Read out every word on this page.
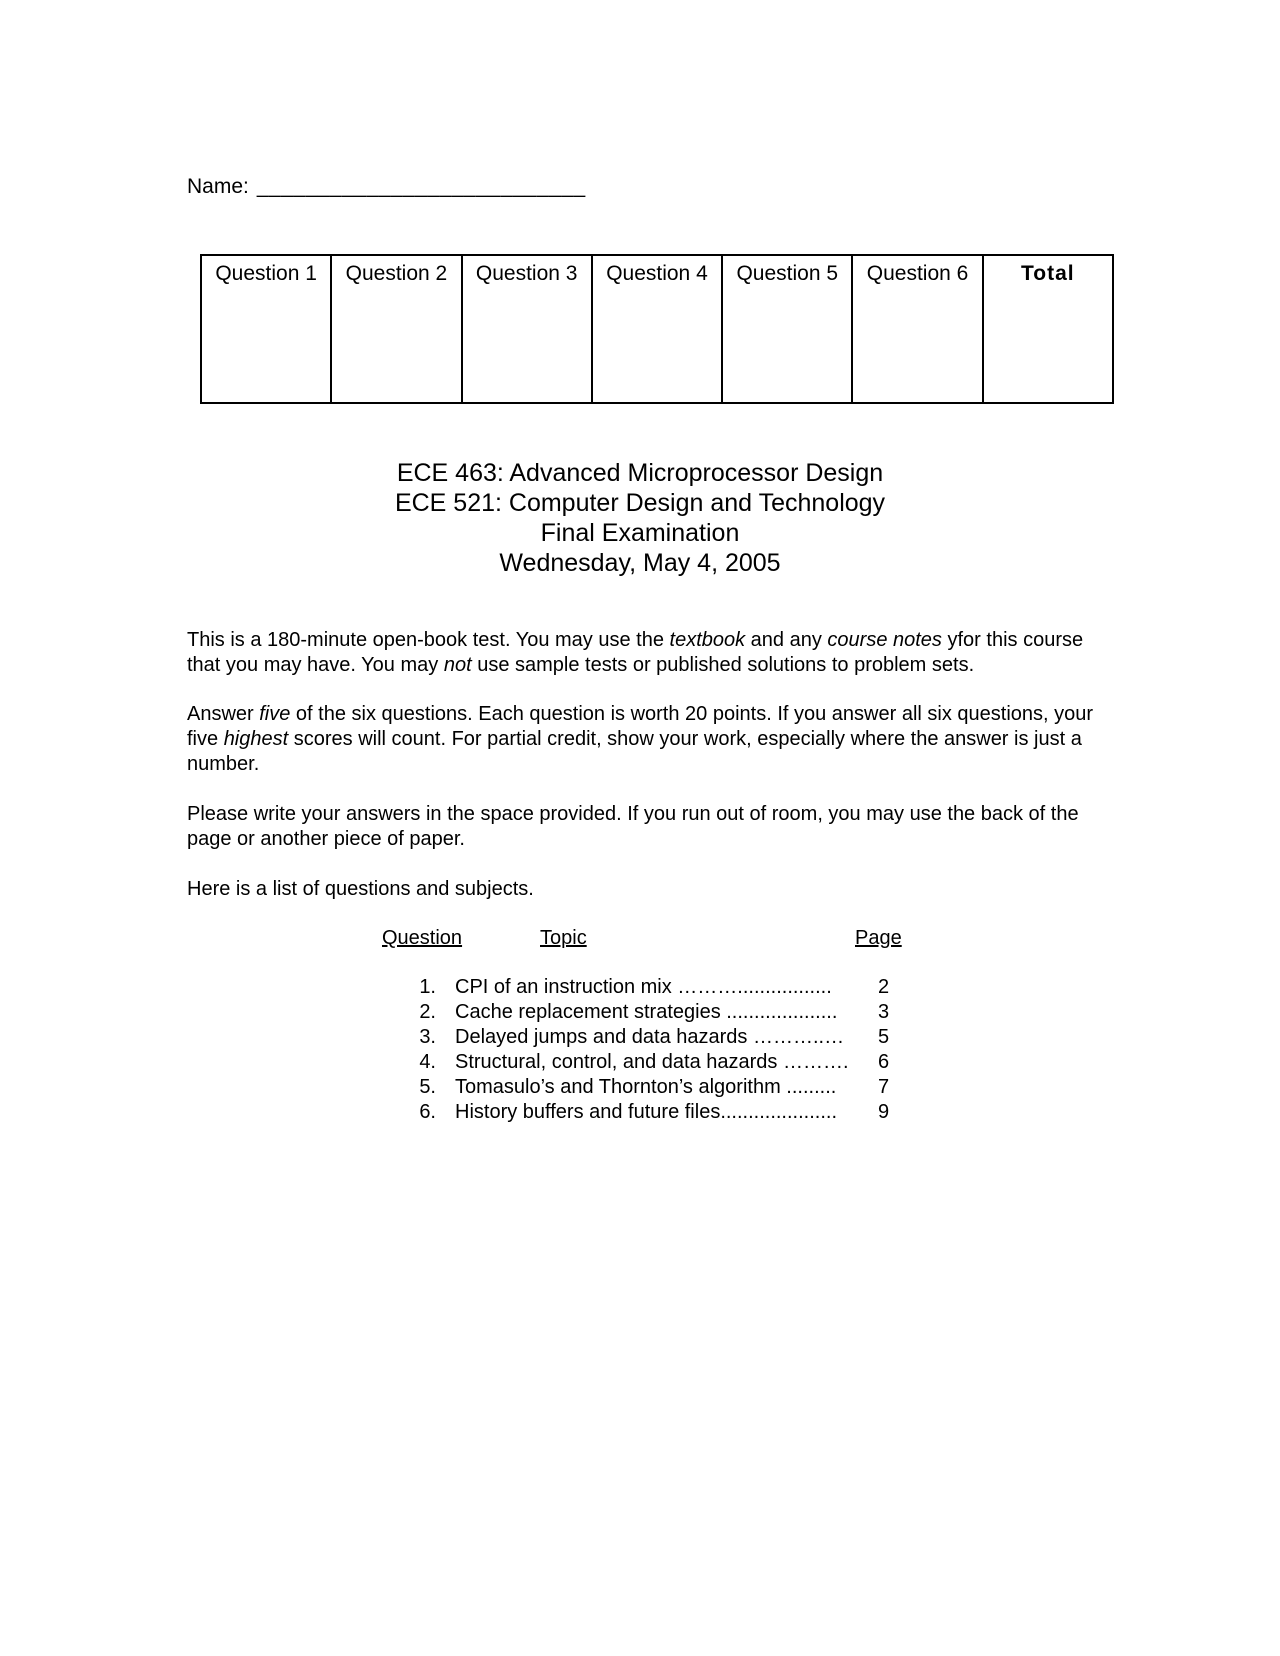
Name: ___________________________
Question 1	Question 2	Question 3	Question 4	Question 5	Question 6	Total
ECE 463: Advanced Microprocessor Design
ECE 521: Computer Design and Technology
Final Examination
Wednesday, May 4, 2005
This is a 180-minute open-book test. You may use the textbook and any course notes yfor this course that you may have. You may not use sample tests or published solutions to problem sets.
Answer five of the six questions. Each question is worth 20 points. If you answer all six questions, your five highest scores will count. For partial credit, show your work, especially where the answer is just a number.
Please write your answers in the space provided. If you run out of room, you may use the back of the page or another piece of paper.
Here is a list of questions and subjects.
Question	Topic	Page
1. CPI of an instruction mix ………................. 2
2. Cache replacement strategies .................... 3
3. Delayed jumps and data hazards ………..… 5
4. Structural, control, and data hazards ………. 6
5. Tomasulo’s and Thornton’s algorithm ......... 7
6. History buffers and future files..................... 9
